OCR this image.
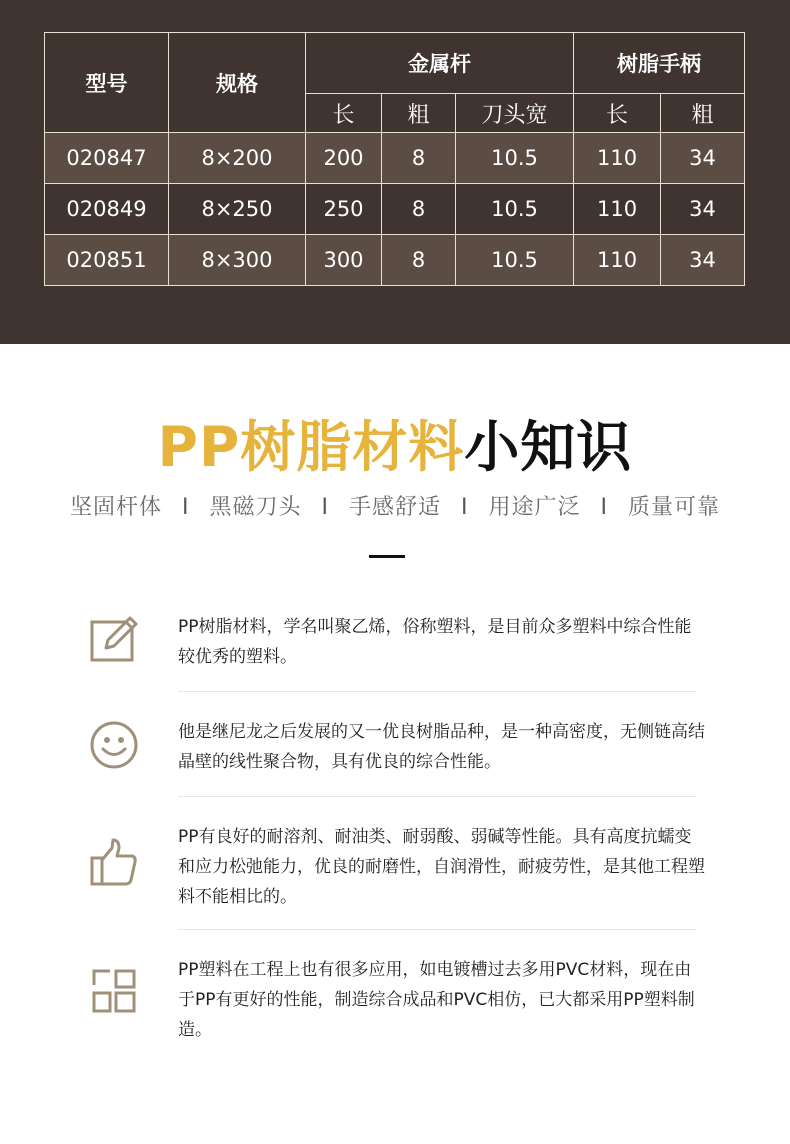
型号	规格	金属杆			树脂手柄	
		长	粗	刀头宽	长	粗
020847	8×200	200	8	10.5	110	34
020849	8×250	250	8	10.5	110	34
020851	8×300	300	8	10.5	110	34
PP树脂材料小知识
坚固杆体 I 黑磁刀头 I 手感舒适 I 用途广泛 I 质量可靠
PP树脂材料，学名叫聚乙烯，俗称塑料，是目前众多塑料中综合性能较优秀的塑料。
他是继尼龙之后发展的又一优良树脂品种，是一种高密度，无侧链高结晶壁的线性聚合物，具有优良的综合性能。
PP有良好的耐溶剂、耐油类、耐弱酸、弱碱等性能。具有高度抗蠕变和应力松弛能力，优良的耐磨性，自润滑性，耐疲劳性，是其他工程塑料不能相比的。
PP塑料在工程上也有很多应用，如电镀槽过去多用PVC材料，现在由于PP有更好的性能，制造综合成品和PVC相仿，已大都采用PP塑料制造。
